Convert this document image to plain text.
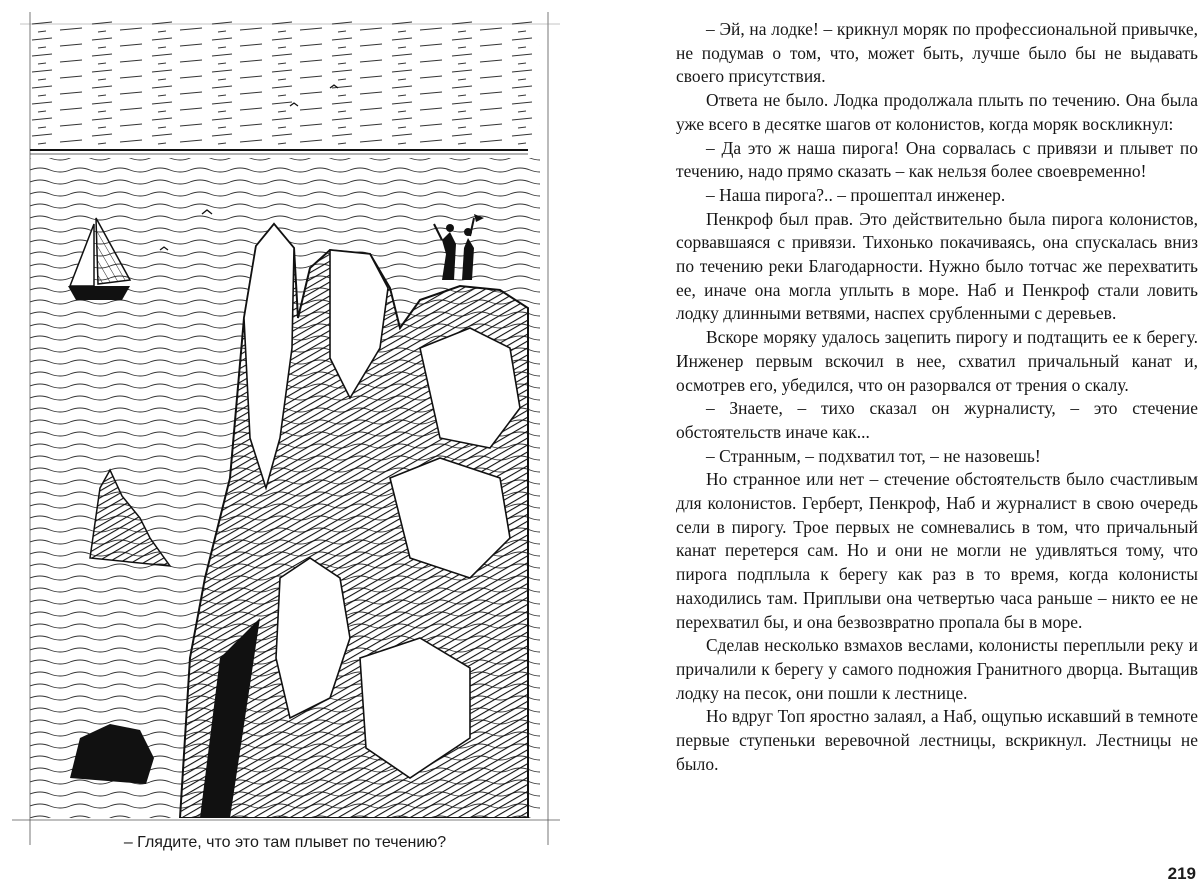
– Глядите, что это там плывет по течению?

– Эй, на лодке! – крикнул моряк по профессиональной привычке, не подумав о том, что, может быть, лучше было бы не выдавать своего присутствия.

Ответа не было. Лодка продолжала плыть по течению. Она была уже всего в десятке шагов от колонистов, когда моряк воскликнул:

– Да это ж наша пирога! Она сорвалась с привязи и плывет по течению, надо прямо сказать – как нельзя более своевременно!

– Наша пирога?.. – прошептал инженер.

Пенкроф был прав. Это действительно была пирога колонистов, сорвавшаяся с привязи. Тихонько покачиваясь, она спускалась вниз по течению реки Благодарности. Нужно было тотчас же перехватить ее, иначе она могла уплыть в море. Наб и Пенкроф стали ловить лодку длинными ветвями, наспех срубленными с деревьев.

Вскоре моряку удалось зацепить пирогу и подтащить ее к берегу. Инженер первым вскочил в нее, схватил причальный канат и, осмотрев его, убедился, что он разорвался от трения о скалу.

– Знаете, – тихо сказал он журналисту, – это стечение обстоятельств иначе как...

– Странным, – подхватил тот, – не назовешь!

Но странное или нет – стечение обстоятельств было счастливым для колонистов. Герберт, Пенкроф, Наб и журналист в свою очередь сели в пирогу. Трое первых не сомневались в том, что причальный канат перетерся сам. Но и они не могли не удивляться тому, что пирога подплыла к берегу как раз в то время, когда колонисты находились там. Приплыви она четвертью часа раньше – никто ее не перехватил бы, и она безвозвратно пропала бы в море.

Сделав несколько взмахов веслами, колонисты переплыли реку и причалили к берегу у самого подножия Гранитного дворца. Вытащив лодку на песок, они пошли к лестнице.

Но вдруг Топ яростно залаял, а Наб, ощупью искавший в темноте первые ступеньки веревочной лестницы, вскрикнул. Лестницы не было.

219
